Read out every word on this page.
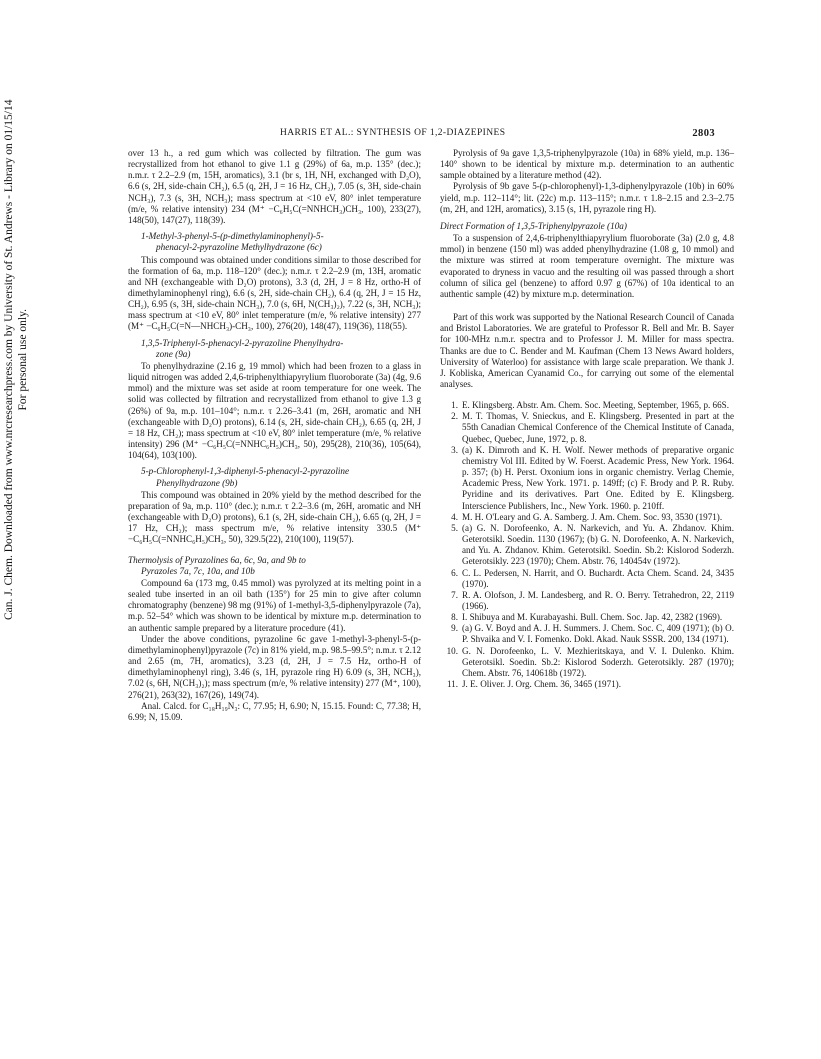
Can. J. Chem. Downloaded from www.nrcresearchpress.com by University of St. Andrews - Library on 01/15/14 For personal use only.
HARRIS ET AL.: SYNTHESIS OF 1,2-DIAZEPINES	2803

over 13 h., a red gum which was collected by filtration. The gum was recrystallized from hot ethanol to give 1.1 g (29%) of 6a, m.p. 135° (dec.); n.m.r. τ 2.2–2.9 (m, 15H, aromatics), 3.1 (br s, 1H, NH, exchanged with D₂O), 6.6 (s, 2H, side-chain CH₂), 6.5 (q, 2H, J = 16 Hz, CH₂), 7.05 (s, 3H, side-chain NCH₃), 7.3 (s, 3H, NCH₃); mass spectrum at <10 eV, 80° inlet temperature (m/e, % relative intensity) 234 (M⁺ −C₆H₅C(=NNHCH₃)CH₃, 100), 233(27), 148(50), 147(27), 118(39).

1-Methyl-3-phenyl-5-(p-dimethylaminophenyl)-5-
phenacyl-2-pyrazoline Methylhydrazone (6c)

This compound was obtained under conditions similar to those described for the formation of 6a, m.p. 118–120° (dec.); n.m.r. τ 2.2–2.9 (m, 13H, aromatic and NH (exchangeable with D₂O) protons), 3.3 (d, 2H, J = 8 Hz, ortho-H of dimethylaminophenyl ring), 6.6 (s, 2H, side-chain CH₂), 6.4 (q, 2H, J = 15 Hz, CH₂), 6.95 (s, 3H, side-chain NCH₃), 7.0 (s, 6H, N(CH₃)₂), 7.22 (s, 3H, NCH₃); mass spectrum at <10 eV, 80° inlet temperature (m/e, % relative intensity) 277 (M⁺ −C₆H₅C(=N—NHCH₃)-CH₃, 100), 276(20), 148(47), 119(36), 118(55).

1,3,5-Triphenyl-5-phenacyl-2-pyrazoline Phenylhydra-
zone (9a)

To phenylhydrazine (2.16 g, 19 mmol) which had been frozen to a glass in liquid nitrogen was added 2,4,6-triphenylthiapyrylium fluoroborate (3a) (4g, 9.6 mmol) and the mixture was set aside at room temperature for one week. The solid was collected by filtration and recrystallized from ethanol to give 1.3 g (26%) of 9a, m.p. 101–104°; n.m.r. τ 2.26–3.41 (m, 26H, aromatic and NH (exchangeable with D₂O) protons), 6.14 (s, 2H, side-chain CH₂), 6.65 (q, 2H, J = 18 Hz, CH₂); mass spectrum at <10 eV, 80° inlet temperature (m/e, % relative intensity) 296 (M⁺ −C₆H₅C(=NNHC₆H₅)CH₃, 50), 295(28), 210(36), 105(64), 104(64), 103(100).

5-p-Chlorophenyl-1,3-diphenyl-5-phenacyl-2-pyrazoline
Phenylhydrazone (9b)

This compound was obtained in 20% yield by the method described for the preparation of 9a, m.p. 110° (dec.); n.m.r. τ 2.2–3.6 (m, 26H, aromatic and NH (exchangeable with D₂O) protons), 6.1 (s, 2H, side-chain CH₂), 6.65 (q, 2H, J = 17 Hz, CH₂); mass spectrum m/e, % relative intensity 330.5 (M⁺ −C₆H₅C(=NNHC₆H₅)CH₃, 50), 329.5(22), 210(100), 119(57).

Thermolysis of Pyrazolines 6a, 6c, 9a, and 9b to
Pyrazoles 7a, 7c, 10a, and 10b

Compound 6a (173 mg, 0.45 mmol) was pyrolyzed at its melting point in a sealed tube inserted in an oil bath (135°) for 25 min to give after column chromatography (benzene) 98 mg (91%) of 1-methyl-3,5-diphenylpyrazole (7a), m.p. 52–54° which was shown to be identical by mixture m.p. determination to an authentic sample prepared by a literature procedure (41).

Under the above conditions, pyrazoline 6c gave 1-methyl-3-phenyl-5-(p-dimethylaminophenyl)pyrazole (7c) in 81% yield, m.p. 98.5–99.5°; n.m.r. τ 2.12 and 2.65 (m, 7H, aromatics), 3.23 (d, 2H, J = 7.5 Hz, ortho-H of dimethylaminophenyl ring), 3.46 (s, 1H, pyrazole ring H) 6.09 (s, 3H, NCH₃), 7.02 (s, 6H, N(CH₃)₂); mass spectrum (m/e, % relative intensity) 277 (M⁺, 100), 276(21), 263(32), 167(26), 149(74).

Anal. Calcd. for C₁₈H₁₉N₃: C, 77.95; H, 6.90; N, 15.15. Found: C, 77.38; H, 6.99; N, 15.09.

Pyrolysis of 9a gave 1,3,5-triphenylpyrazole (10a) in 68% yield, m.p. 136–140° shown to be identical by mixture m.p. determination to an authentic sample obtained by a literature method (42).

Pyrolysis of 9b gave 5-(p-chlorophenyl)-1,3-diphenylpyrazole (10b) in 60% yield, m.p. 112–114°; lit. (22c) m.p. 113–115°; n.m.r. τ 1.8–2.15 and 2.3–2.75 (m, 2H, and 12H, aromatics), 3.15 (s, 1H, pyrazole ring H).

Direct Formation of 1,3,5-Triphenylpyrazole (10a)

To a suspension of 2,4,6-triphenylthiapyrylium fluoroborate (3a) (2.0 g, 4.8 mmol) in benzene (150 ml) was added phenylhydrazine (1.08 g, 10 mmol) and the mixture was stirred at room temperature overnight. The mixture was evaporated to dryness in vacuo and the resulting oil was passed through a short column of silica gel (benzene) to afford 0.97 g (67%) of 10a identical to an authentic sample (42) by mixture m.p. determination.

Part of this work was supported by the National Research Council of Canada and Bristol Laboratories. We are grateful to Professor R. Bell and Mr. B. Sayer for 100-MHz n.m.r. spectra and to Professor J. M. Miller for mass spectra. Thanks are due to C. Bender and M. Kaufman (Chem 13 News Award holders, University of Waterloo) for assistance with large scale preparation. We thank J. J. Kobliska, American Cyanamid Co., for carrying out some of the elemental analyses.

1. E. Klingsberg. Abstr. Am. Chem. Soc. Meeting, September, 1965, p. 66S.
2. M. T. Thomas, V. Snieckus, and E. Klingsberg. Presented in part at the 55th Canadian Chemical Conference of the Chemical Institute of Canada, Quebec, Quebec, June, 1972, p. 8.
3. (a) K. Dimroth and K. H. Wolf. Newer methods of preparative organic chemistry Vol III. Edited by W. Foerst. Academic Press, New York. 1964. p. 357; (b) H. Perst. Oxonium ions in organic chemistry. Verlag Chemie, Academic Press, New York. 1971. p. 149ff; (c) F. Brody and P. R. Ruby. Pyridine and its derivatives. Part One. Edited by E. Klingsberg. Interscience Publishers, Inc., New York. 1960. p. 210ff.
4. M. H. O'Leary and G. A. Samberg. J. Am. Chem. Soc. 93, 3530 (1971).
5. (a) G. N. Dorofeenko, A. N. Narkevich, and Yu. A. Zhdanov. Khim. Geterotsikl. Soedin. 1130 (1967); (b) G. N. Dorofeenko, A. N. Narkevich, and Yu. A. Zhdanov. Khim. Geterotsikl. Soedin. Sb.2: Kislorod Soderzh. Geterotsikly. 223 (1970); Chem. Abstr. 76, 140454v (1972).
6. C. L. Pedersen, N. Harrit, and O. Buchardt. Acta Chem. Scand. 24, 3435 (1970).
7. R. A. Olofson, J. M. Landesberg, and R. O. Berry. Tetrahedron, 22, 2119 (1966).
8. I. Shibuya and M. Kurabayashi. Bull. Chem. Soc. Jap. 42, 2382 (1969).
9. (a) G. V. Boyd and A. J. H. Summers. J. Chem. Soc. C, 409 (1971); (b) O. P. Shvaika and V. I. Fomenko. Dokl. Akad. Nauk SSSR. 200, 134 (1971).
10. G. N. Dorofeenko, L. V. Mezhieritskaya, and V. I. Dulenko. Khim. Geterotsikl. Soedin. Sb.2: Kislorod Soderzh. Geterotsikly. 287 (1970); Chem. Abstr. 76, 140618b (1972).
11. J. E. Oliver. J. Org. Chem. 36, 3465 (1971).
